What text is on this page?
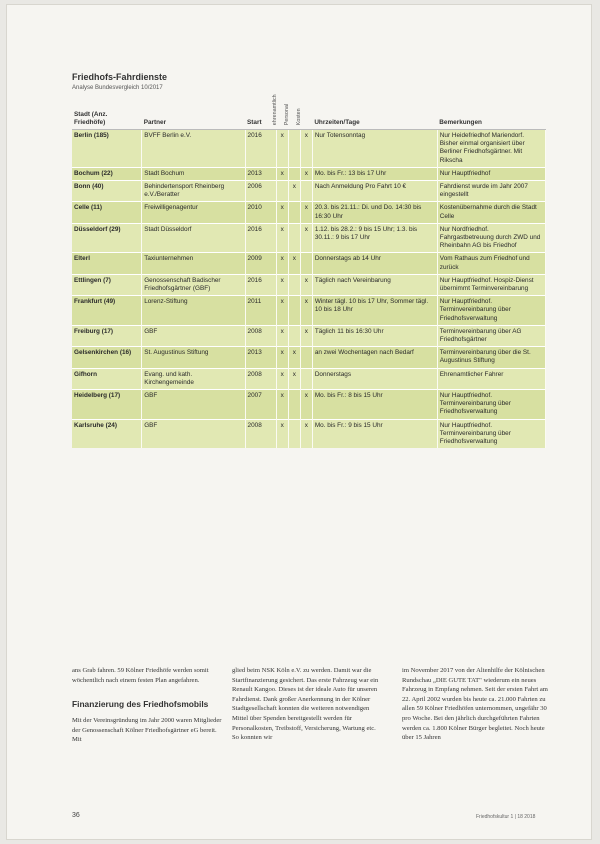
Friedhofs-Fahrdienste
Analyse Bundesvergleich 10/2017
Stadt (Anz. Friedhöfe)	Partner	Start	ehrenamtlich	Personal	Kosten	Uhrzeiten/Tage	Bemerkungen
Berlin (185)	BVFF Berlin e.V.	2016	x		x	Nur Totensonntag	Nur Heidefriedhof Mariendorf. Bisher einmal organisiert über Berliner Friedhofsgärtner. Mit Rikscha
Bochum (22)	Stadt Bochum	2013	x		x	Mo. bis Fr.: 13 bis 17 Uhr	Nur Hauptfriedhof
Bonn (40)	Behindertensport Rheinberg e.V./Beratter	2006		x		Nach Anmeldung Pro Fahrt 10 €	Fahrdienst wurde im Jahr 2007 eingestellt
Celle (11)	Freiwilligenagentur	2010	x		x	20.3. bis 21.11.: Di. und Do. 14:30 bis 16:30 Uhr	Kostenübernahme durch die Stadt Celle
Düsseldorf (29)	Stadt Düsseldorf	2016	x		x	1.12. bis 28.2.: 9 bis 15 Uhr; 1.3. bis 30.11.: 9 bis 17 Uhr	Nur Nordfriedhof. Fahrgastbetreuung durch ZWD und Rheinbahn AG bis Friedhof
Elterl	Taxiunternehmen	2009	x	x		Donnerstags ab 14 Uhr	Vom Rathaus zum Friedhof und zurück
Ettlingen (7)	Genossenschaft Badischer Friedhofsgärtner (GBF)	2016	x		x	Täglich nach Vereinbarung	Nur Hauptfriedhof. Hospiz-Dienst übernimmt Terminvereinbarung
Frankfurt (49)	Lorenz-Stiftung	2011	x		x	Winter tägl. 10 bis 17 Uhr, Sommer tägl. 10 bis 18 Uhr	Nur Hauptfriedhof. Terminvereinbarung über Friedhofsverwaltung
Freiburg (17)	GBF	2008	x		x	Täglich 11 bis 16:30 Uhr	Terminvereinbarung über AG Friedhofsgärtner
Gelsenkirchen (16)	St. Augustinus Stiftung	2013	x	x		an zwei Wochentagen nach Bedarf	Terminvereinbarung über die St. Augustinus Stiftung
Gifhorn	Evang. und kath. Kirchengemeinde	2008	x	x		Donnerstags	Ehrenamtlicher Fahrer
Heidelberg (17)	GBF	2007	x		x	Mo. bis Fr.: 8 bis 15 Uhr	Nur Hauptfriedhof. Terminvereinbarung über Friedhofsverwaltung
Karlsruhe (24)	GBF	2008	x		x	Mo. bis Fr.: 9 bis 15 Uhr	Nur Hauptfriedhof. Terminvereinbarung über Friedhofsverwaltung
ans Grab fahren. 59 Kölner Friedhöfe werden somit wöchentlich nach einem festen Plan angefahren.
Finanzierung des Friedhofsmobils
Mit der Vereinsgründung im Jahr 2000 waren Mitglieder der Genossenschaft Kölner Friedhofsgärtner eG bereit. Mit
glied beim NSK Köln e.V. zu werden. Damit war die Startfinanzierung gesichert. Das erste Fahrzeug war ein Renault Kangoo. Dieses ist der ideale Auto für unseren Fahrdienst. Dank großer Anerkennung in der Kölner Stadtgesellschaft konnten die weiteren notwendigen Mittel über Spenden bereitgestellt werden für Personalkosten, Treibstoff, Versicherung, Wartung etc. So konnten wir
im November 2017 von der Altenhilfe der Kölnischen Rundschau „DIE GUTE TAT" wiederum ein neues Fahrzeug in Empfang nehmen. Seit der ersten Fahrt am 22. April 2002 wurden bis heute ca. 21.000 Fahrten zu allen 59 Kölner Friedhöfen unternommen, ungefähr 30 pro Woche. Bei den jährlich durchgeführten Fahrten werden ca. 1.800 Kölner Bürger begleitet. Noch heute über 15 Jahren
36	Friedhofskultur 1 | 18 2018
